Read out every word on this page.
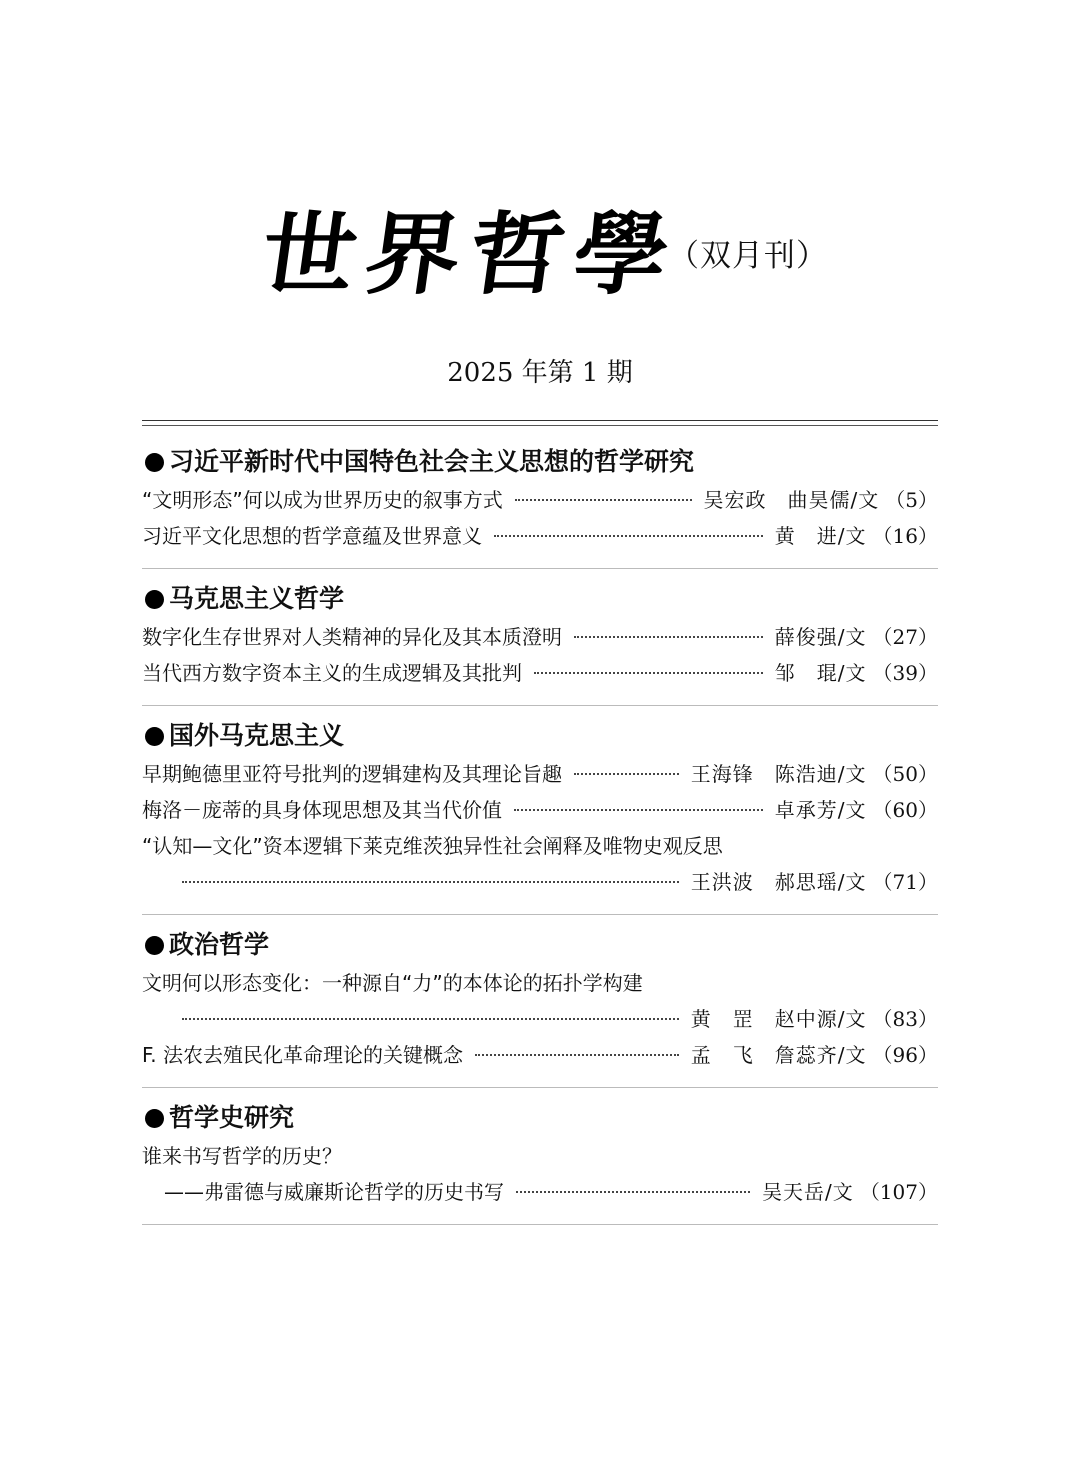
世界哲學
（双月刊）
2025 年第 1 期
习近平新时代中国特色社会主义思想的哲学研究
“文明形态”何以成为世界历史的叙事方式	吴宏政　曲昊儒/文 （5）
习近平文化思想的哲学意蕴及世界意义	黄　进/文 （16）
马克思主义哲学
数字化生存世界对人类精神的异化及其本质澄明	薛俊强/文 （27）
当代西方数字资本主义的生成逻辑及其批判	邹　琨/文 （39）
国外马克思主义
早期鲍德里亚符号批判的逻辑建构及其理论旨趣	王海锋　陈浩迪/文 （50）
梅洛－庞蒂的具身体现思想及其当代价值	卓承芳/文 （60）
“认知—文化”资本逻辑下莱克维茨独异性社会阐释及唯物史观反思
王洪波　郝思瑶/文 （71）
政治哲学
文明何以形态变化：一种源自“力”的本体论的拓扑学构建
黄　罡　赵中源/文 （83）
F. 法农去殖民化革命理论的关键概念	孟　飞　詹蕊齐/文 （96）
哲学史研究
谁来书写哲学的历史？
——弗雷德与威廉斯论哲学的历史书写	吴天岳/文 （107）
